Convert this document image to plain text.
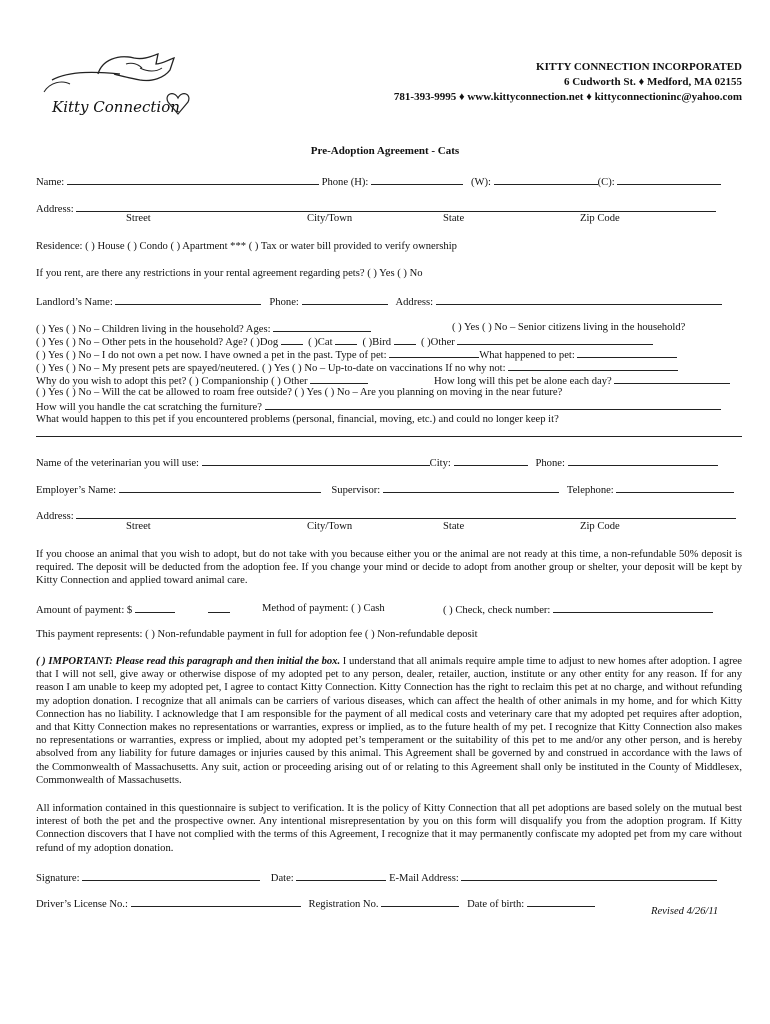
Kitty Connection
KITTY CONNECTION INCORPORATED
6 Cudworth St. ♦ Medford, MA 02155
781-393-9995 ♦ www.kittyconnection.net ♦ kittyconnectioninc@yahoo.com
Pre-Adoption Agreement - Cats
Name:	Phone (H):	(W):	(C):
Address:
Street	City/Town	State	Zip Code
Residence: ( ) House ( ) Condo ( ) Apartment *** ( ) Tax or water bill provided to verify ownership
If you rent, are there any restrictions in your rental agreement regarding pets? ( ) Yes ( ) No
Landlord’s Name:	Phone:	Address:
( ) Yes ( ) No – Children living in the household? Ages:	( ) Yes ( ) No – Senior citizens living in the household?
( ) Yes ( ) No – Other pets in the household? Age? ( )Dog	( )Cat	( )Bird	( )Other
( ) Yes ( ) No – I do not own a pet now. I have owned a pet in the past. Type of pet:	What happened to pet:
( ) Yes ( ) No – My present pets are spayed/neutered. ( ) Yes ( ) No – Up-to-date on vaccinations If no why not:
Why do you wish to adopt this pet? ( ) Companionship ( ) Other	How long will this pet be alone each day?
( ) Yes ( ) No – Will the cat be allowed to roam free outside? ( ) Yes ( ) No – Are you planning on moving in the near future?
How will you handle the cat scratching the furniture?
What would happen to this pet if you encountered problems (personal, financial, moving, etc.) and could no longer keep it?
Name of the veterinarian you will use:	City:	Phone:
Employer’s Name:	Supervisor:	Telephone:
Address:
Street	City/Town	State	Zip Code
If you choose an animal that you wish to adopt, but do not take with you because either you or the animal are not ready at this time, a non-refundable 50% deposit is required. The deposit will be deducted from the adoption fee. If you change your mind or decide to adopt from another group or shelter, your deposit will be kept by Kitty Connection and applied toward animal care.
Amount of payment: $	Method of payment: ( ) Cash	( ) Check, check number:
This payment represents: ( ) Non-refundable payment in full for adoption fee ( ) Non-refundable deposit
( ) IMPORTANT: Please read this paragraph and then initial the box. I understand that all animals require ample time to adjust to new homes after adoption. I agree that I will not sell, give away or otherwise dispose of my adopted pet to any person, dealer, retailer, auction, institute or any other entity for any reason. If for any reason I am unable to keep my adopted pet, I agree to contact Kitty Connection. Kitty Connection has the right to reclaim this pet at no charge, and without refunding my adoption donation. I recognize that all animals can be carriers of various diseases, which can affect the health of other animals in my home, and for which Kitty Connection has no liability. I acknowledge that I am responsible for the payment of all medical costs and veterinary care that my adopted pet requires after adoption, and that Kitty Connection makes no representations or warranties, express or implied, as to the future health of my pet. I recognize that Kitty Connection also makes no representations or warranties, express or implied, about my adopted pet’s temperament or the suitability of this pet to me and/or any other person, and is hereby absolved from any liability for future damages or injuries caused by this animal. This Agreement shall be governed by and construed in accordance with the laws of the Commonwealth of Massachusetts. Any suit, action or proceeding arising out of or relating to this Agreement shall only be instituted in the County of Middlesex, Commonwealth of Massachusetts.
All information contained in this questionnaire is subject to verification. It is the policy of Kitty Connection that all pet adoptions are based solely on the mutual best interest of both the pet and the prospective owner. Any intentional misrepresentation by you on this form will disqualify you from the adoption program. If Kitty Connection discovers that I have not complied with the terms of this Agreement, I recognize that it may permanently confiscate my adopted pet from my care without refund of my adoption donation.
Signature:	Date:	E-Mail Address:
Driver’s License No.:	Registration No.	Date of birth:
Revised 4/26/11
